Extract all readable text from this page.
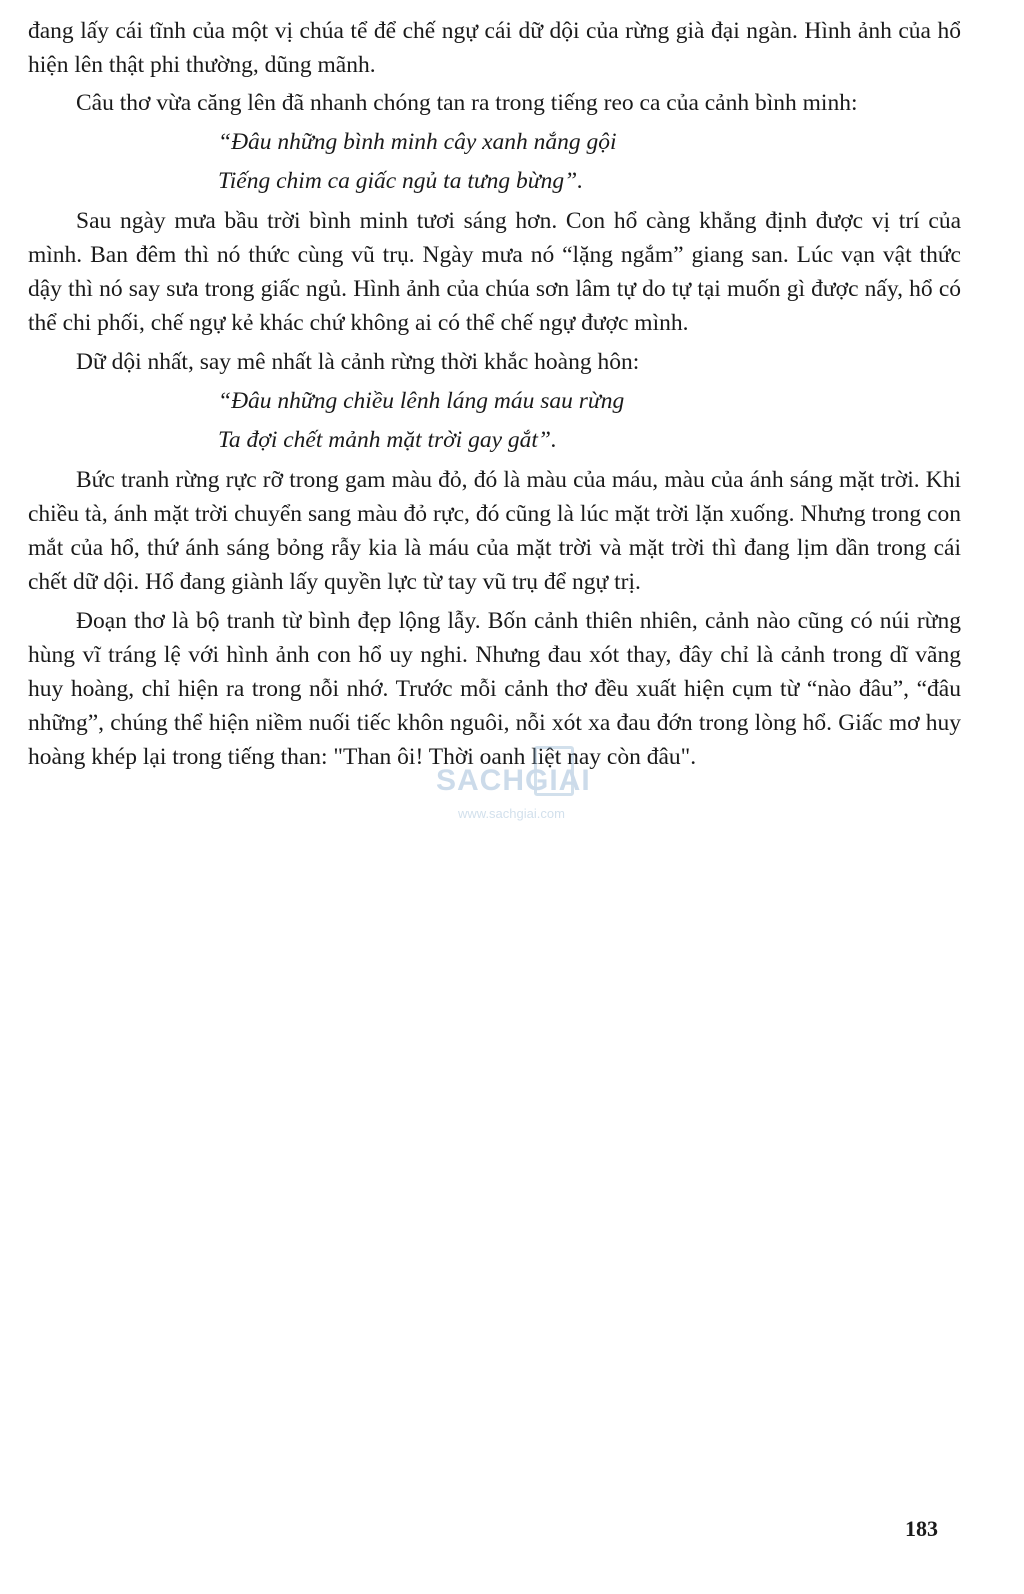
đang lấy cái tĩnh của một vị chúa tể để chế ngự cái dữ dội của rừng già đại ngàn. Hình ảnh của hổ hiện lên thật phi thường, dũng mãnh.

Câu thơ vừa căng lên đã nhanh chóng tan ra trong tiếng reo ca của cảnh bình minh:

“Đâu những bình minh cây xanh nắng gội
Tiếng chim ca giấc ngủ ta tưng bừng”.

Sau ngày mưa bầu trời bình minh tươi sáng hơn. Con hổ càng khẳng định được vị trí của mình. Ban đêm thì nó thức cùng vũ trụ. Ngày mưa nó “lặng ngắm” giang san. Lúc vạn vật thức dậy thì nó say sưa trong giấc ngủ. Hình ảnh của chúa sơn lâm tự do tự tại muốn gì được nấy, hổ có thể chi phối, chế ngự kẻ khác chứ không ai có thể chế ngự được mình.

Dữ dội nhất, say mê nhất là cảnh rừng thời khắc hoàng hôn:

“Đâu những chiều lênh láng máu sau rừng
Ta đợi chết mảnh mặt trời gay gắt”.

Bức tranh rừng rực rỡ trong gam màu đỏ, đó là màu của máu, màu của ánh sáng mặt trời. Khi chiều tà, ánh mặt trời chuyển sang màu đỏ rực, đó cũng là lúc mặt trời lặn xuống. Nhưng trong con mắt của hổ, thứ ánh sáng bỏng rẫy kia là máu của mặt trời và mặt trời thì đang lịm dần trong cái chết dữ dội. Hổ đang giành lấy quyền lực từ tay vũ trụ để ngự trị.

Đoạn thơ là bộ tranh từ bình đẹp lộng lẫy. Bốn cảnh thiên nhiên, cảnh nào cũng có núi rừng hùng vĩ tráng lệ với hình ảnh con hổ uy nghi. Nhưng đau xót thay, đây chỉ là cảnh trong dĩ vãng huy hoàng, chỉ hiện ra trong nỗi nhớ. Trước mỗi cảnh thơ đều xuất hiện cụm từ “nào đâu”, “đâu những”, chúng thể hiện niềm nuối tiếc khôn nguôi, nỗi xót xa đau đớn trong lòng hổ. Giấc mơ huy hoàng khép lại trong tiếng than: "Than ôi! Thời oanh liệt nay còn đâu".

SACHGIAI
www.sachgiai.com
183
